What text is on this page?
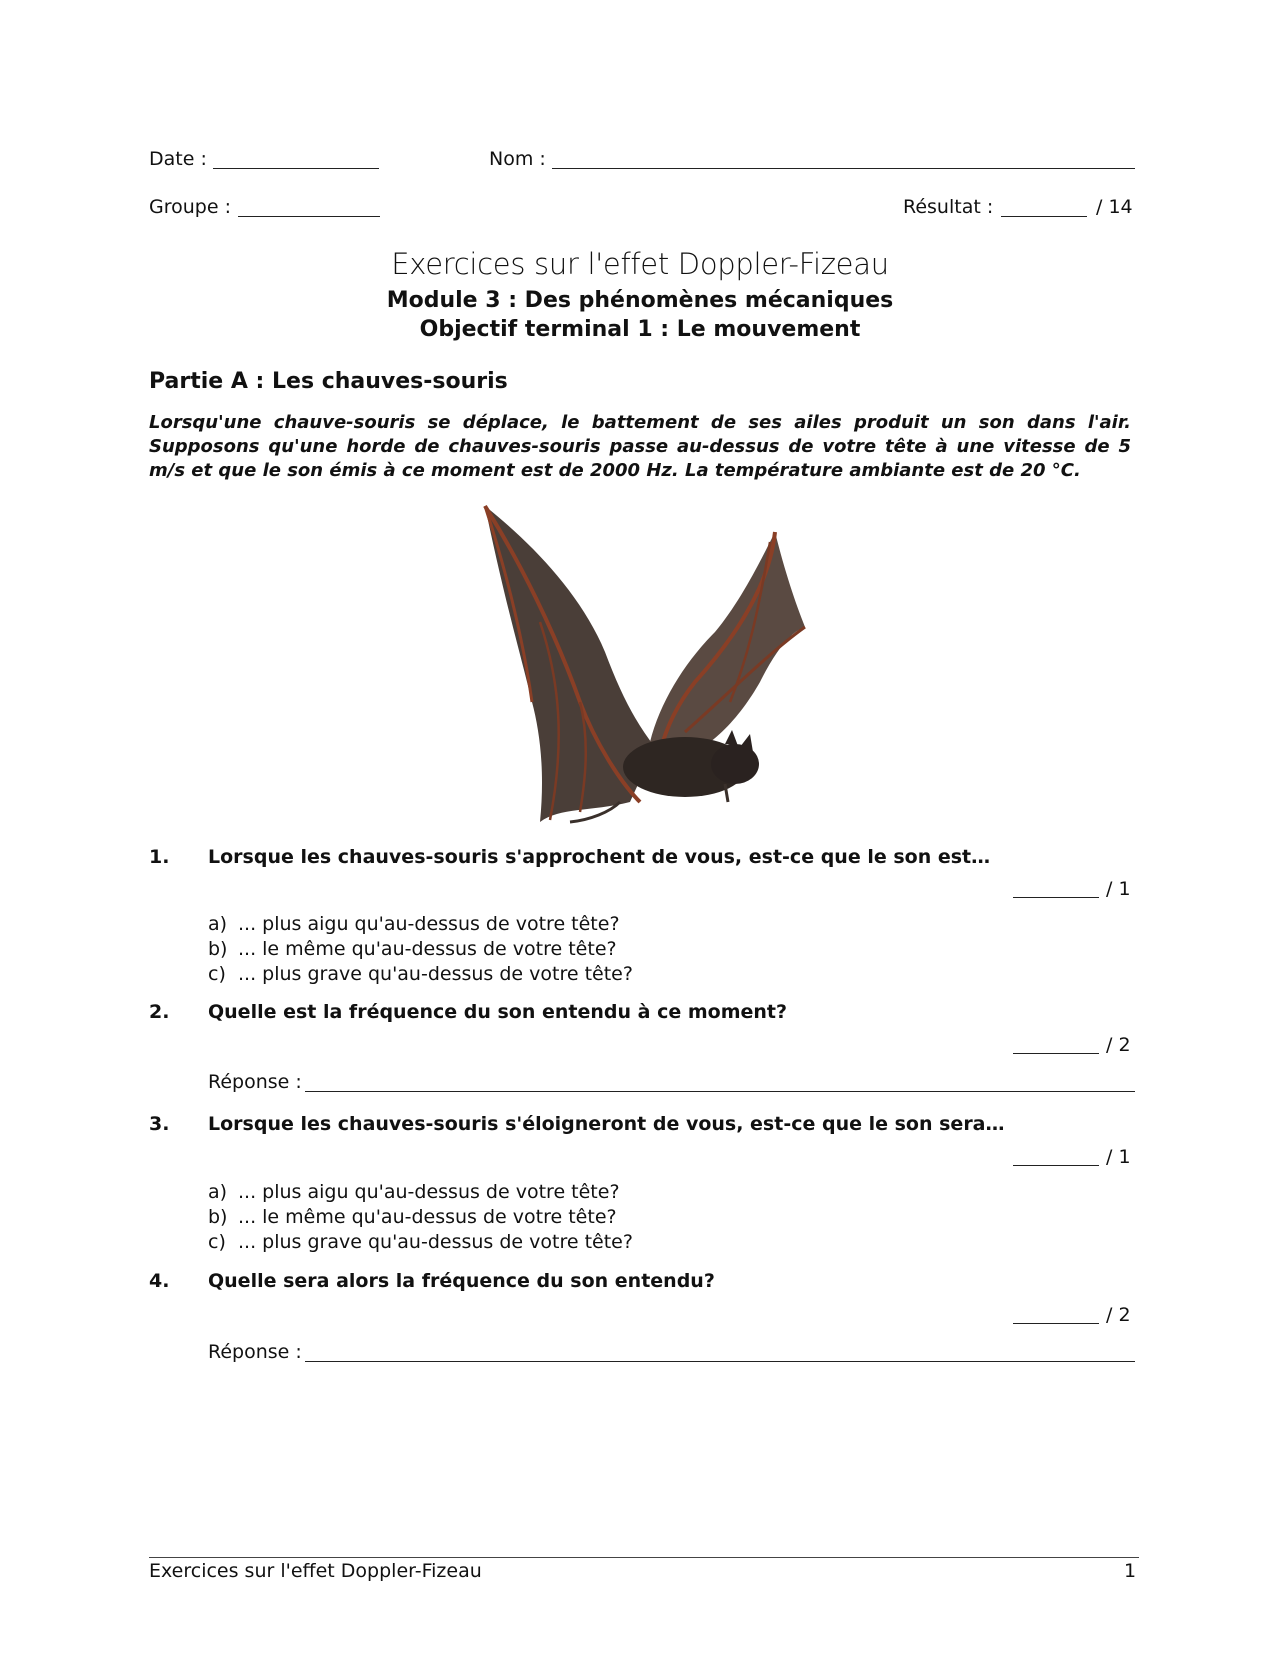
Date :	Nom :
Groupe :	Résultat :	/ 14
Exercices sur l'effet Doppler-Fizeau
Module 3 : Des phénomènes mécaniques
Objectif terminal 1 : Le mouvement
Partie A : Les chauves-souris
Lorsqu'une chauve-souris se déplace, le battement de ses ailes produit un son dans l'air. Supposons qu'une horde de chauves-souris passe au-dessus de votre tête à une vitesse de 5 m/s et que le son émis à ce moment est de 2000 Hz. La température ambiante est de 20 °C.
1. Lorsque les chauves-souris s'approchent de vous, est-ce que le son est…
/ 1
a) ... plus aigu qu'au-dessus de votre tête?
b) ... le même qu'au-dessus de votre tête?
c) ... plus grave qu'au-dessus de votre tête?
2. Quelle est la fréquence du son entendu à ce moment?
/ 2
Réponse :
3. Lorsque les chauves-souris s'éloigneront de vous, est-ce que le son sera…
/ 1
a) ... plus aigu qu'au-dessus de votre tête?
b) ... le même qu'au-dessus de votre tête?
c) ... plus grave qu'au-dessus de votre tête?
4. Quelle sera alors la fréquence du son entendu?
/ 2
Réponse :
Exercices sur l'effet Doppler-Fizeau	1
